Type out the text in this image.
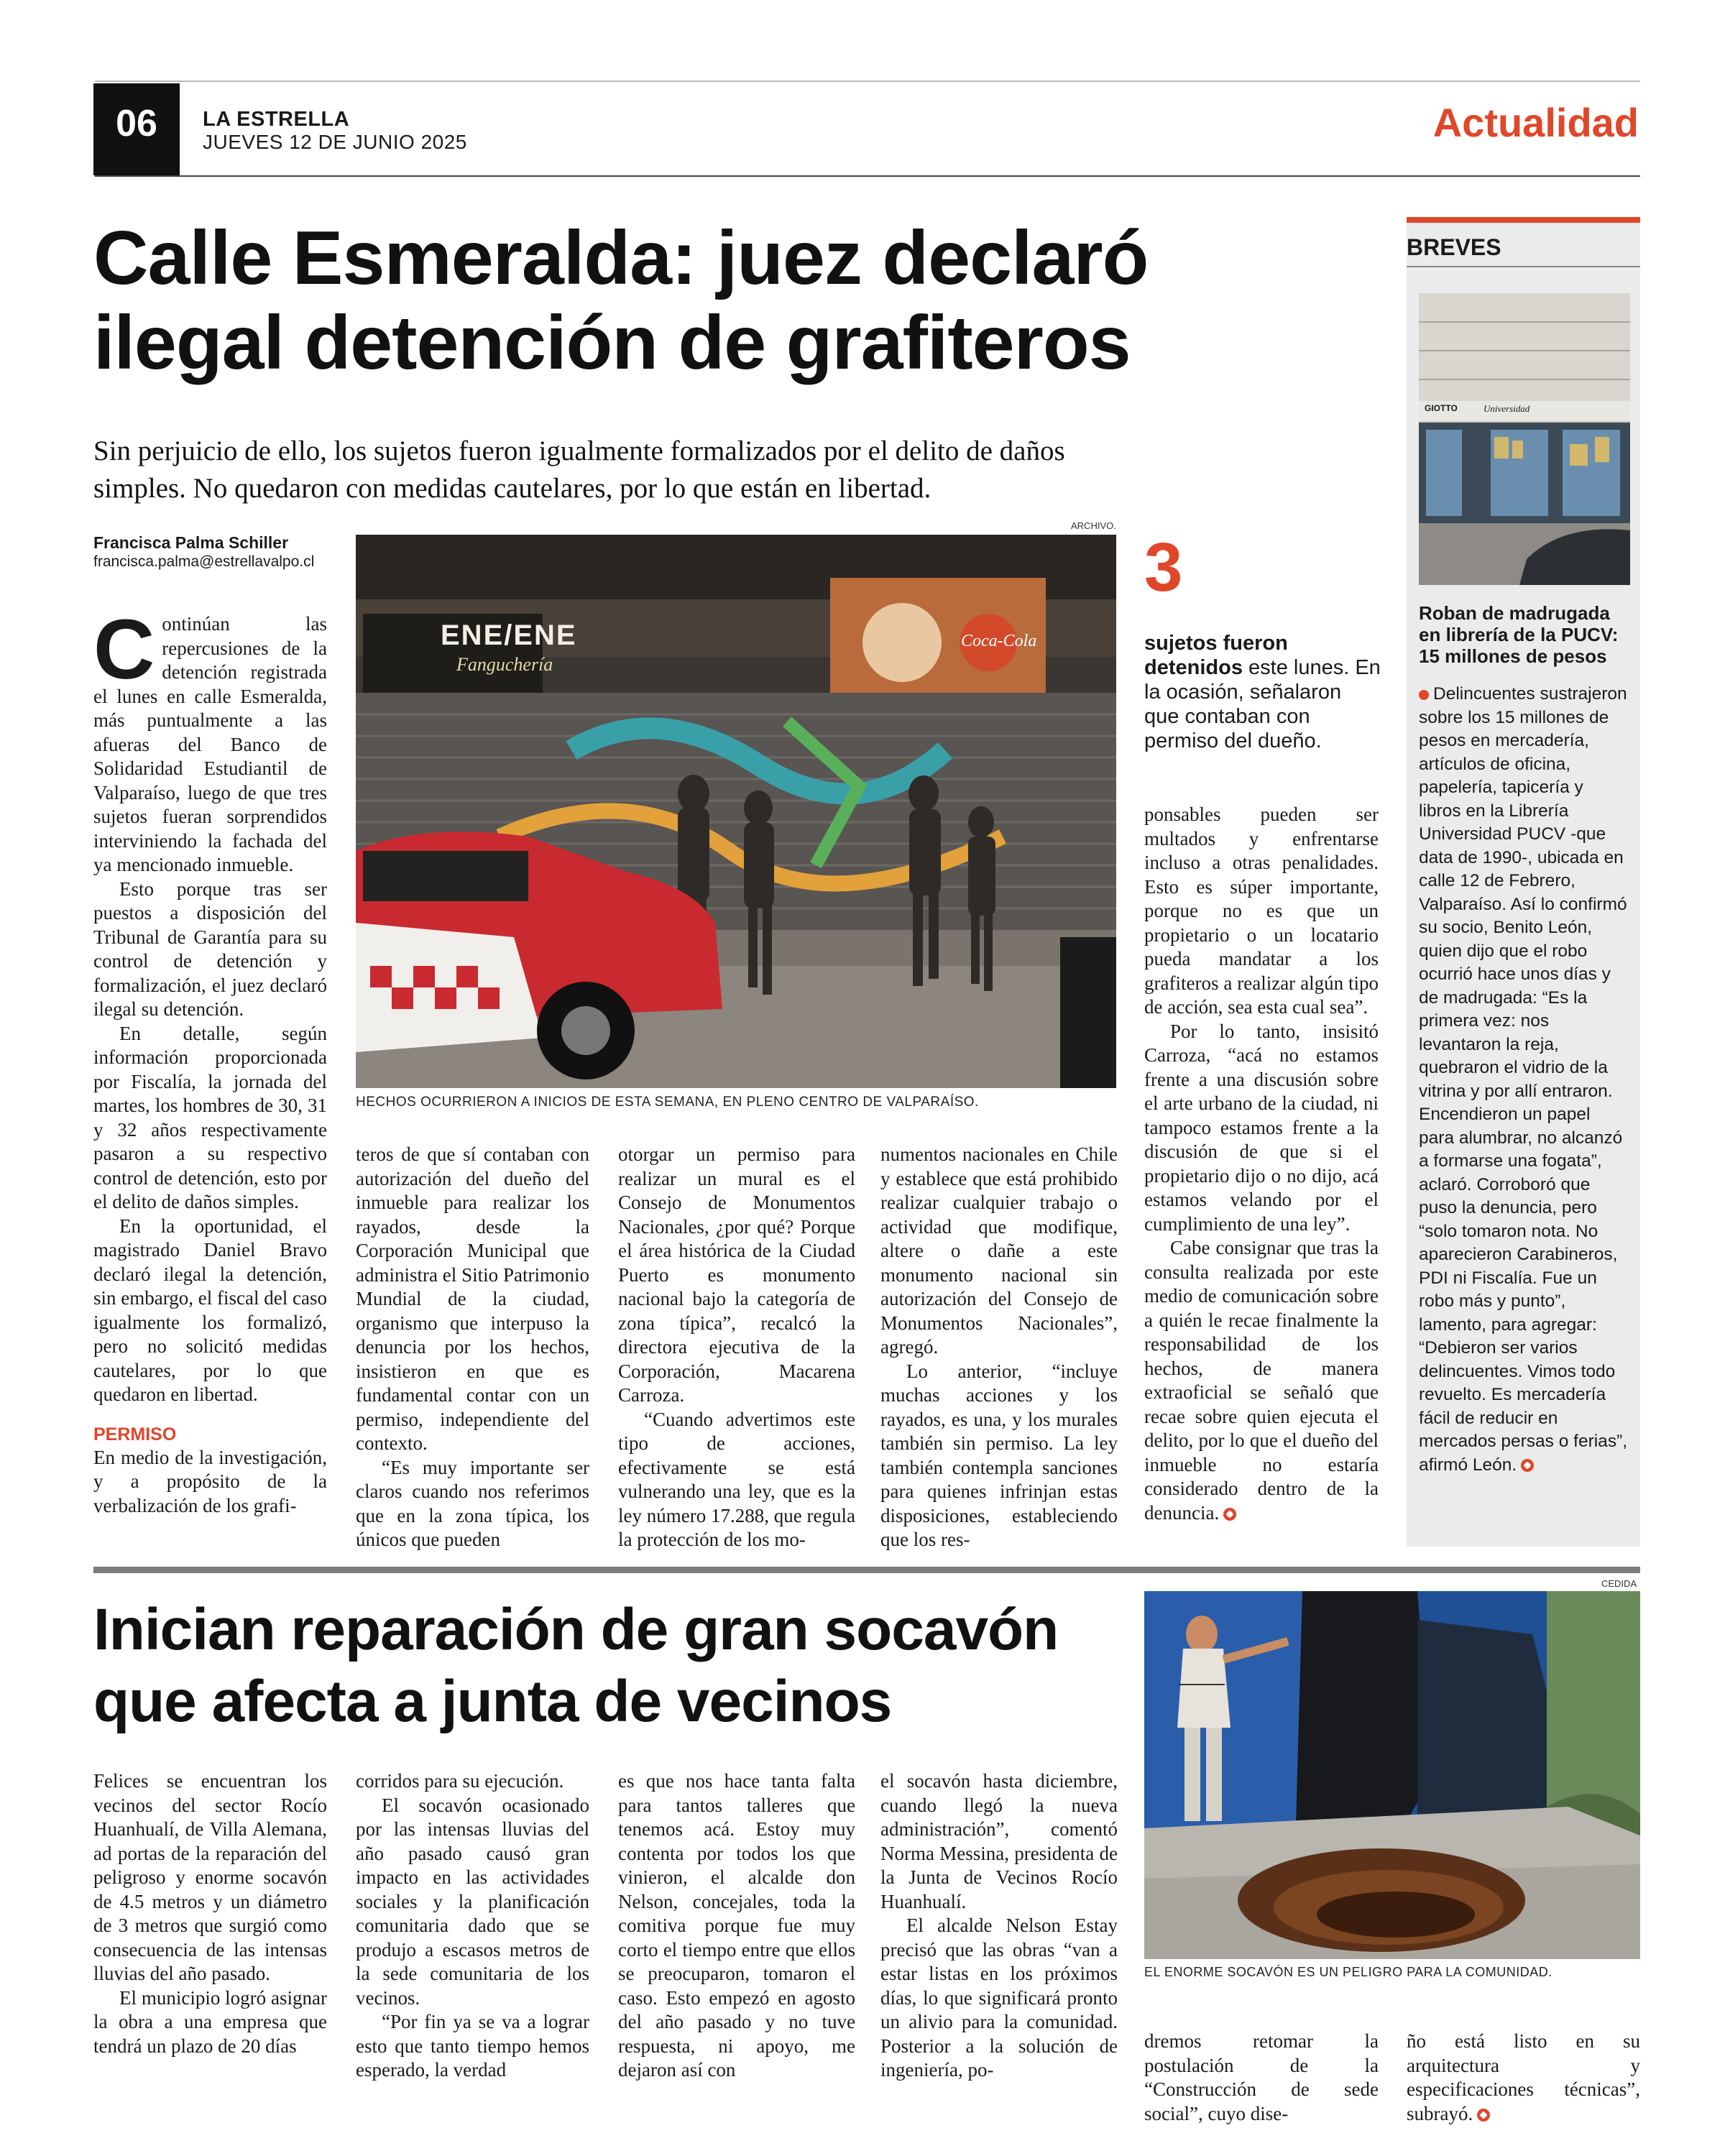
06	LA ESTRELLA
JUEVES 12 DE JUNIO 2025	Actualidad
Calle Esmeralda: juez declaró
ilegal detención de grafiteros
Sin perjuicio de ello, los sujetos fueron igualmente formalizados por el delito de daños
simples. No quedaron con medidas cautelares, por lo que están en libertad.
Francisca Palma Schiller
francisca.palma@estrellavalpo.cl
ARCHIVO.
ENE/ENE
Fanguchería
Coca-Cola
HECHOS OCURRIERON A INICIOS DE ESTA SEMANA, EN PLENO CENTRO DE VALPARAÍSO.
C ontinúan las repercusiones de la detención registrada el lunes en calle Esmeralda, más puntualmente a las afueras del Banco de Solidaridad Estudiantil de Valparaíso, luego de que tres sujetos fueran sorprendidos interviniendo la fachada del ya mencionado inmueble.

Esto porque tras ser puestos a disposición del Tribunal de Garantía para su control de detención y formalización, el juez declaró ilegal su detención.

En detalle, según información proporcionada por Fiscalía, la jornada del martes, los hombres de 30, 31 y 32 años respectivamente pasaron a su respectivo control de detención, esto por el delito de daños simples.

En la oportunidad, el magistrado Daniel Bravo declaró ilegal la detención, sin embargo, el fiscal del caso igualmente los formalizó, pero no solicitó medidas cautelares, por lo que quedaron en libertad.

PERMISO

En medio de la investigación, y a propósito de la verbalización de los grafi-

teros de que sí contaban con autorización del dueño del inmueble para realizar los rayados, desde la Corporación Municipal que administra el Sitio Patrimonio Mundial de la ciudad, organismo que interpuso la denuncia por los hechos, insistieron en que es fundamental contar con un permiso, independiente del contexto.

“Es muy importante ser claros cuando nos referimos que en la zona típica, los únicos que pueden

otorgar un permiso para realizar un mural es el Consejo de Monumentos Nacionales, ¿por qué? Porque el área histórica de la Ciudad Puerto es monumento nacional bajo la categoría de zona típica”, recalcó la directora ejecutiva de la Corporación, Macarena Carroza.

“Cuando advertimos este tipo de acciones, efectivamente se está vulnerando una ley, que es la ley número 17.288, que regula la protección de los mo-

numentos nacionales en Chile y establece que está prohibido realizar cualquier trabajo o actividad que modifique, altere o dañe a este monumento nacional sin autorización del Consejo de Monumentos Nacionales”, agregó.

Lo anterior, “incluye muchas acciones y los rayados, es una, y los murales también sin permiso. La ley también contempla sanciones para quienes infrinjan estas disposiciones, estableciendo que los res-

3
sujetos fueron detenidos este lunes. En la ocasión, señalaron que contaban con permiso del dueño.

ponsables pueden ser multados y enfrentarse incluso a otras penalidades. Esto es súper importante, porque no es que un propietario o un locatario pueda mandatar a los grafiteros a realizar algún tipo de acción, sea esta cual sea”.

Por lo tanto, insisitó Carroza, “acá no estamos frente a una discusión sobre el arte urbano de la ciudad, ni tampoco estamos frente a la discusión de que si el propietario dijo o no dijo, acá estamos velando por el cumplimiento de una ley”.

Cabe consignar que tras la consulta realizada por este medio de comunicación sobre a quién le recae finalmente la responsabilidad de los hechos, de manera extraoficial se señaló que recae sobre quien ejecuta el delito, por lo que el dueño del inmueble no estaría considerado dentro de la denuncia.

BREVES
GIOTTO	Universidad
Roban de madrugada en librería de la PUCV: 15 millones de pesos
Delincuentes sustrajeron sobre los 15 millones de pesos en mercadería, artículos de oficina, papelería, tapicería y libros en la Librería Universidad PUCV -que data de 1990-, ubicada en calle 12 de Febrero, Valparaíso. Así lo confirmó su socio, Benito León, quien dijo que el robo ocurrió hace unos días y de madrugada: “Es la primera vez: nos levantaron la reja, quebraron el vidrio de la vitrina y por allí entraron. Encendieron un papel para alumbrar, no alcanzó a formarse una fogata”, aclaró. Corroboró que puso la denuncia, pero “solo tomaron nota. No aparecieron Carabineros, PDI ni Fiscalía. Fue un robo más y punto”, lamento, para agregar: “Debieron ser varios delincuentes. Vimos todo revuelto. Es mercadería fácil de reducir en mercados persas o ferias”, afirmó León.
Inician reparación de gran socavón
que afecta a junta de vecinos
CEDIDA
EL ENORME SOCAVÓN ES UN PELIGRO PARA LA COMUNIDAD.

Felices se encuentran los vecinos del sector Rocío Huanhualí, de Villa Alemana, ad portas de la reparación del peligroso y enorme socavón de 4.5 metros y un diámetro de 3 metros que surgió como consecuencia de las intensas lluvias del año pasado.

El municipio logró asignar la obra a una empresa que tendrá un plazo de 20 días

corridos para su ejecución.

El socavón ocasionado por las intensas lluvias del año pasado causó gran impacto en las actividades sociales y la planificación comunitaria dado que se produjo a escasos metros de la sede comunitaria de los vecinos.

“Por fin ya se va a lograr esto que tanto tiempo hemos esperado, la verdad

es que nos hace tanta falta para tantos talleres que tenemos acá. Estoy muy contenta por todos los que vinieron, el alcalde don Nelson, concejales, toda la comitiva porque fue muy corto el tiempo entre que ellos se preocuparon, tomaron el caso. Esto empezó en agosto del año pasado y no tuve respuesta, ni apoyo, me dejaron así con

el socavón hasta diciembre, cuando llegó la nueva administración”, comentó Norma Messina, presidenta de la Junta de Vecinos Rocío Huanhualí.

El alcalde Nelson Estay precisó que las obras “van a estar listas en los próximos días, lo que significará pronto un alivio para la comunidad. Posterior a la solución de ingeniería, po-

dremos retomar la postulación de la “Construcción de sede social”, cuyo dise-

ño está listo en su arquitectura y especificaciones técnicas”, subrayó.
